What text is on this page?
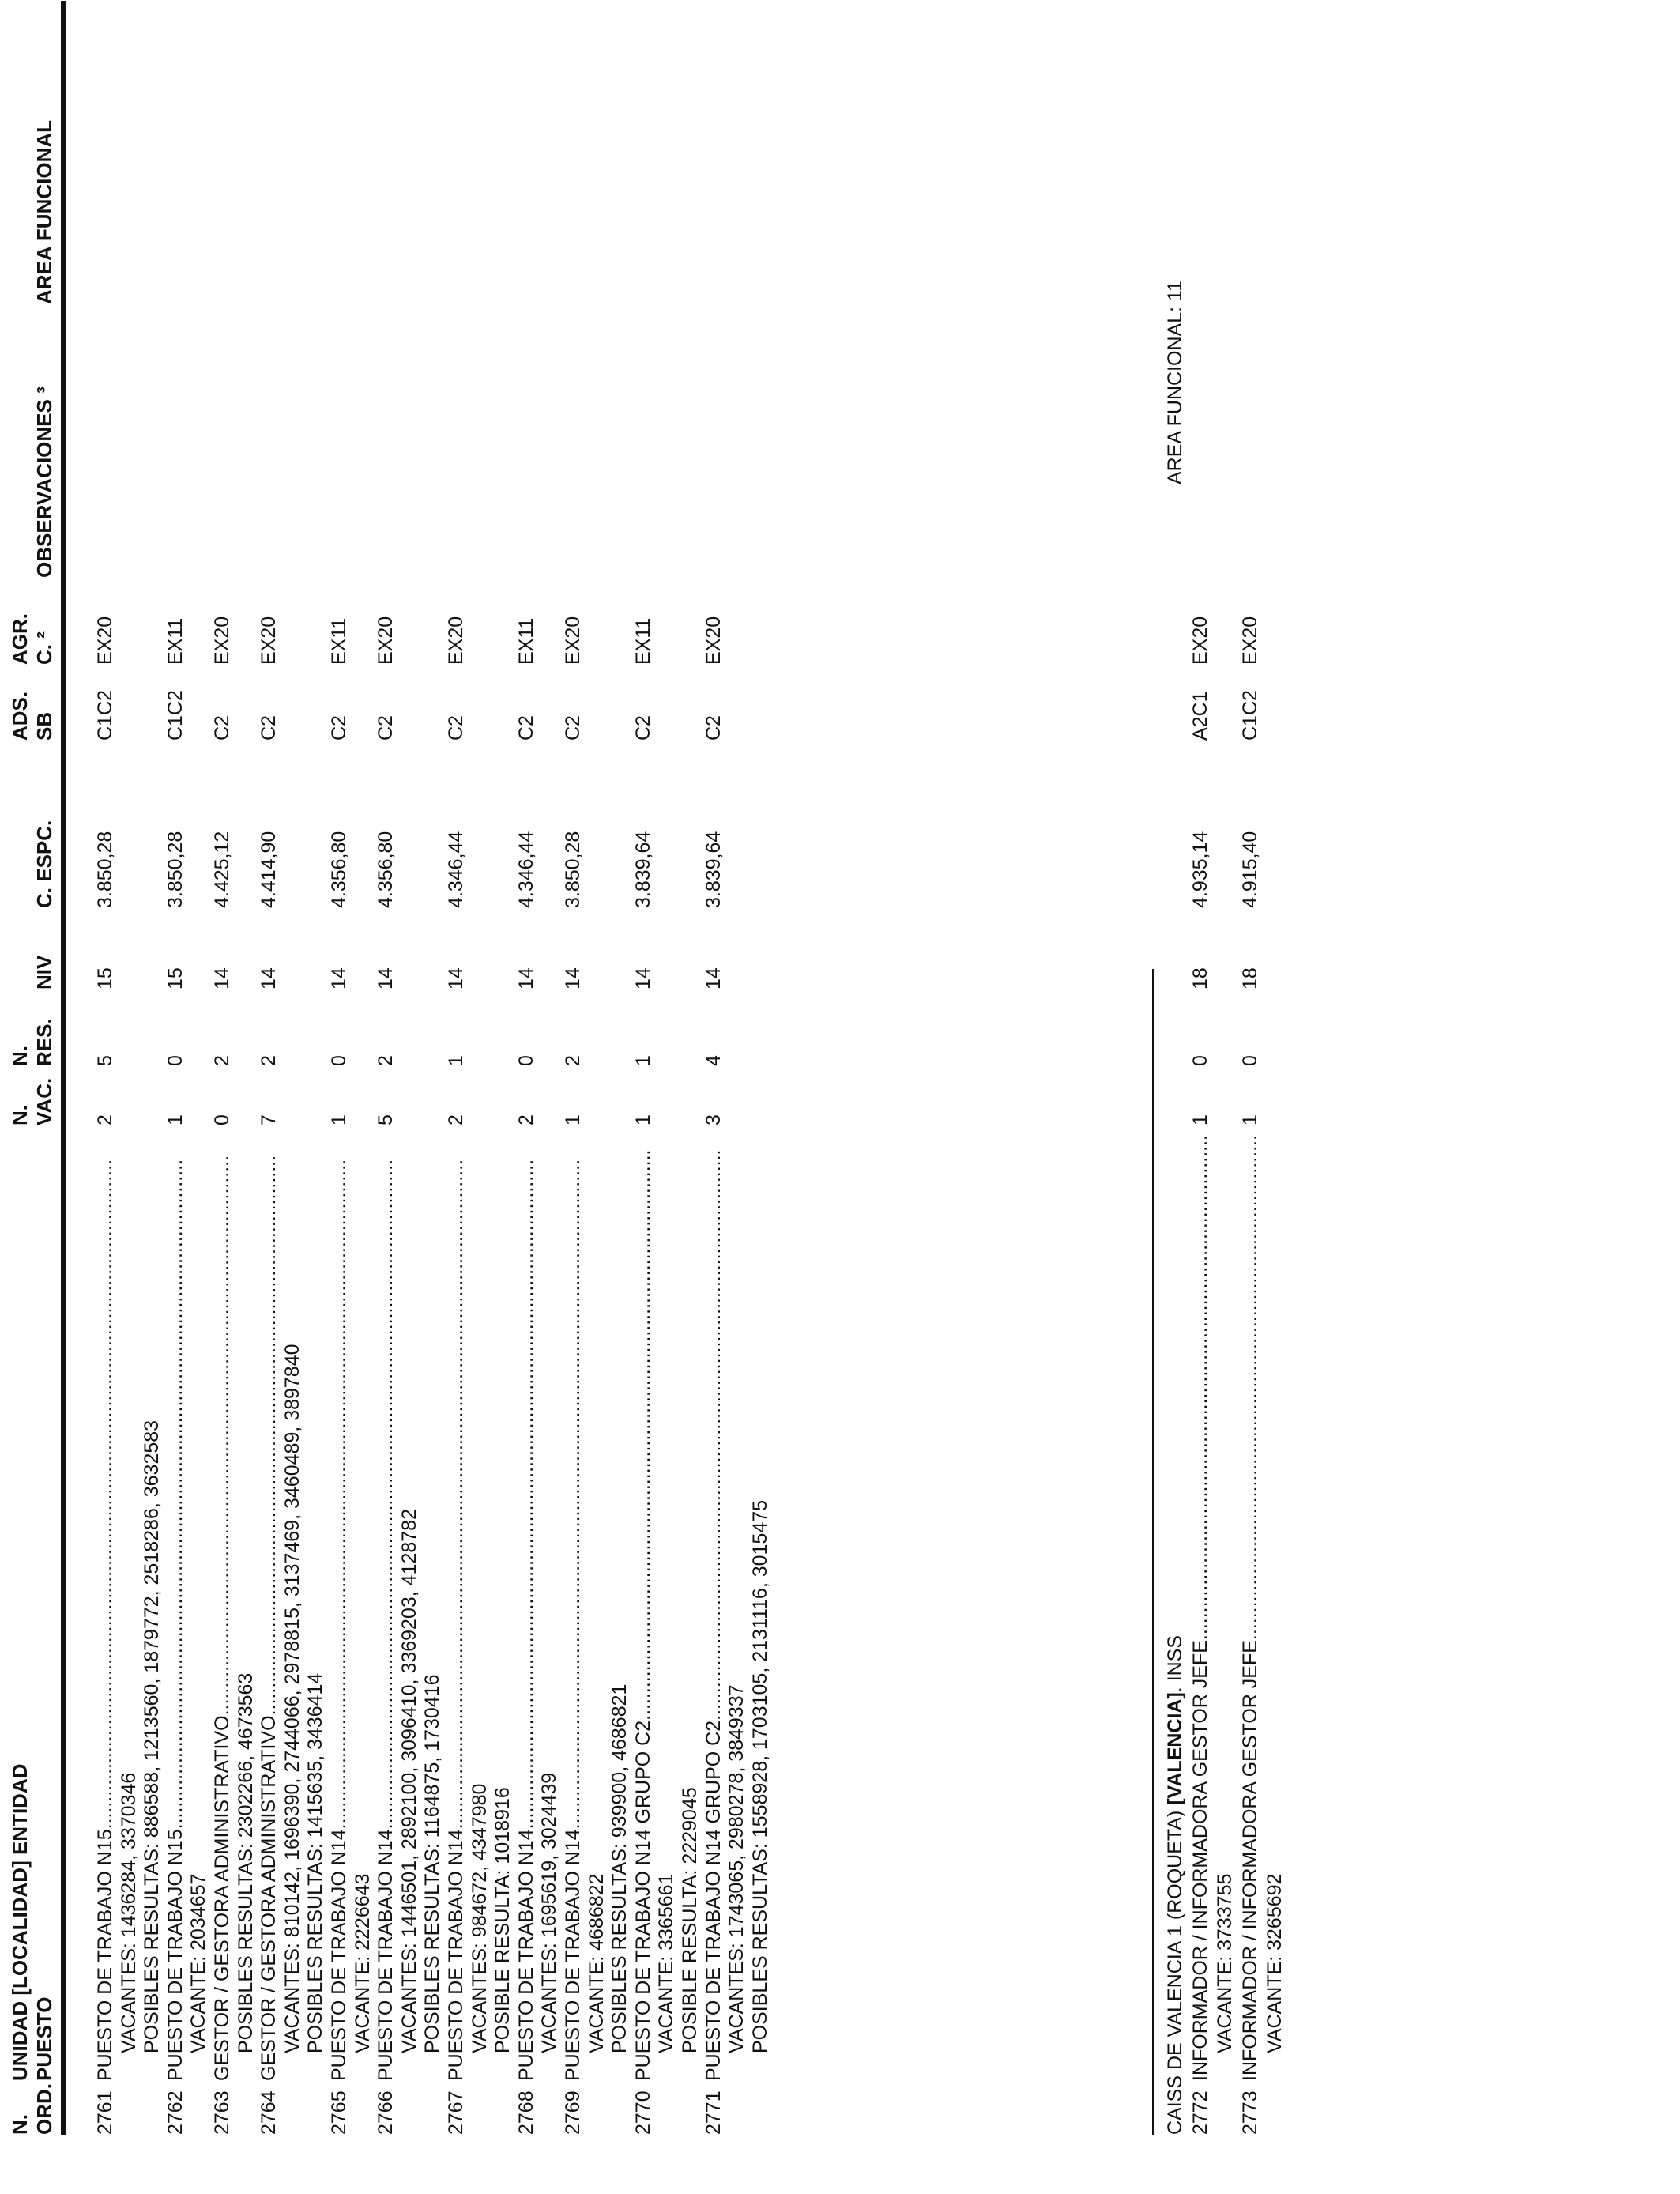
N. ORD.
UNIDAD [LOCALIDAD] ENTIDAD PUESTO
N. VAC.
N. RES.
NIV
C. ESPC.
ADS. SB
AGR. C. ²
OBSERVACIONES ³
AREA FUNCIONAL
2761
PUESTO DE TRABAJO N15..........................................................................................................................
2
5
15
3.850,28
C1C2
EX20
VACANTES: 1436284, 3370346 POSIBLES RESULTAS: 886588, 1213560, 1879772, 2518286, 3632583
2762
PUESTO DE TRABAJO N15..........................................................................................................................
1
0
15
3.850,28
C1C2
EX11
VACANTE: 2034657
2763
GESTOR / GESTORA ADMINISTRATIVO......................................................................................................
0
2
14
4.425,12
C2
EX20
POSIBLES RESULTAS: 2302266, 4673563
2764
GESTOR / GESTORA ADMINISTRATIVO......................................................................................................
7
2
14
4.414,90
C2
EX20
VACANTES: 810142, 1696390, 2744066, 2978815, 3137469, 3460489, 3897840 POSIBLES RESULTAS: 1415635, 3436414
2765
PUESTO DE TRABAJO N14..........................................................................................................................
1
0
14
4.356,80
C2
EX11
VACANTE: 2226643
2766
PUESTO DE TRABAJO N14..........................................................................................................................
5
2
14
4.356,80
C2
EX20
VACANTES: 1446501, 2892100, 3096410, 3369203, 4128782 POSIBLES RESULTAS: 1164875, 1730416
2767
PUESTO DE TRABAJO N14..........................................................................................................................
2
1
14
4.346,44
C2
EX20
VACANTES: 984672, 4347980 POSIBLE RESULTA: 1018916
2768
PUESTO DE TRABAJO N14..........................................................................................................................
2
0
14
4.346,44
C2
EX11
VACANTES: 1695619, 3024439
2769
PUESTO DE TRABAJO N14..........................................................................................................................
1
2
14
3.850,28
C2
EX20
VACANTE: 4686822 POSIBLES RESULTAS: 939900, 4686821
2770
PUESTO DE TRABAJO N14 GRUPO C2........................................................................................................
1
1
14
3.839,64
C2
EX11
VACANTE: 3365661 POSIBLE RESULTA: 2229045
2771
PUESTO DE TRABAJO N14 GRUPO C2........................................................................................................
3
4
14
3.839,64
C2
EX20
VACANTES: 1743065, 2980278, 3849337 POSIBLES RESULTAS: 1558928, 1703105, 2131116, 3015475	CAISS DE VALENCIA 1 (ROQUETA) [VALENCIA]. INSS
AREA FUNCIONAL: 11
2772
INFORMADOR / INFORMADORA GESTOR JEFE............................................................................................
1
0
18
4.935,14
A2C1
EX20
VACANTE: 3733755
2773
INFORMADOR / INFORMADORA GESTOR JEFE............................................................................................
1
0
18
4.915,40
C1C2
EX20
VACANTE: 3265692
